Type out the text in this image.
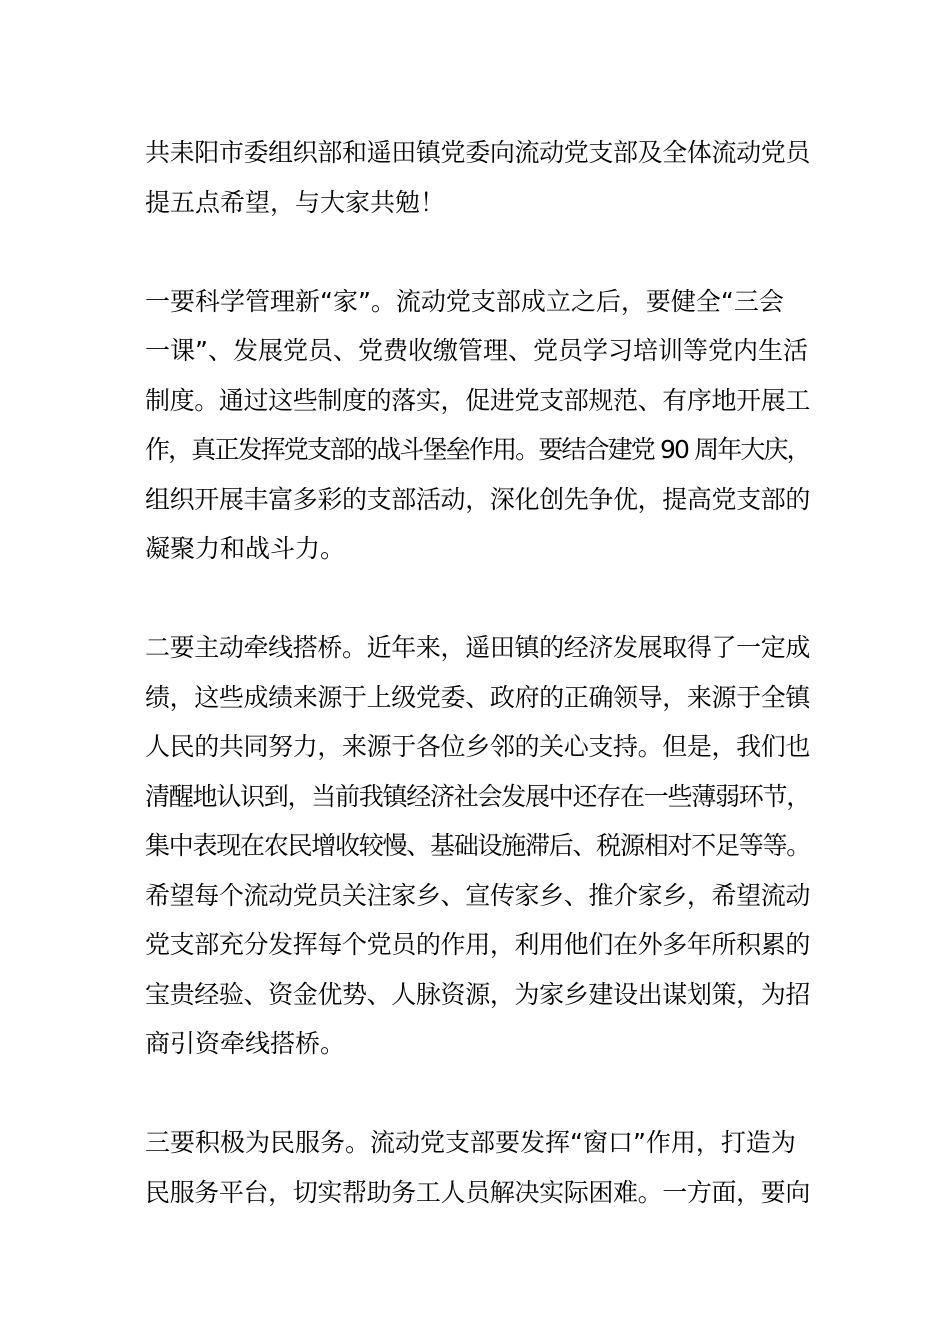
共耒阳市委组织部和遥田镇党委向流动党支部及全体流动党员
提五点希望，与大家共勉！
一要科学管理新“家”。流动党支部成立之后，要健全“三会
一课”、发展党员、党费收缴管理、党员学习培训等党内生活
制度。通过这些制度的落实，促进党支部规范、有序地开展工
作，真正发挥党支部的战斗堡垒作用。要结合建党 90 周年大庆，
组织开展丰富多彩的支部活动，深化创先争优，提高党支部的
凝聚力和战斗力。
二要主动牵线搭桥。近年来，遥田镇的经济发展取得了一定成
绩，这些成绩来源于上级党委、政府的正确领导，来源于全镇
人民的共同努力，来源于各位乡邻的关心支持。但是，我们也
清醒地认识到，当前我镇经济社会发展中还存在一些薄弱环节，
集中表现在农民增收较慢、基础设施滞后、税源相对不足等等。
希望每个流动党员关注家乡、宣传家乡、推介家乡，希望流动
党支部充分发挥每个党员的作用，利用他们在外多年所积累的
宝贵经验、资金优势、人脉资源，为家乡建设出谋划策，为招
商引资牵线搭桥。
三要积极为民服务。流动党支部要发挥“窗口”作用，打造为
民服务平台，切实帮助务工人员解决实际困难。一方面，要向
